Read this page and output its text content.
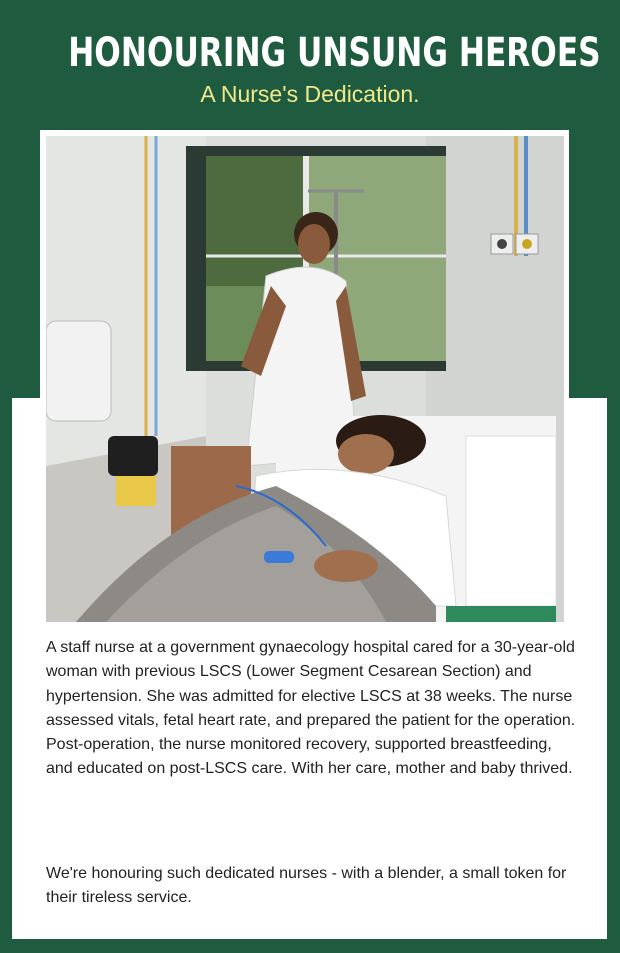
HONOURING UNSUNG HEROES
A Nurse's Dedication.

A staff nurse at a government gynaecology hospital cared for a 30-year-old woman with previous LSCS (Lower Segment Cesarean Section) and hypertension. She was admitted for elective LSCS at 38 weeks. The nurse assessed vitals, fetal heart rate, and prepared the patient for the operation. Post-operation, the nurse monitored recovery, supported breastfeeding, and educated on post-LSCS care. With her care, mother and baby thrived.

We're honouring such dedicated nurses - with a blender, a small token for their tireless service.
